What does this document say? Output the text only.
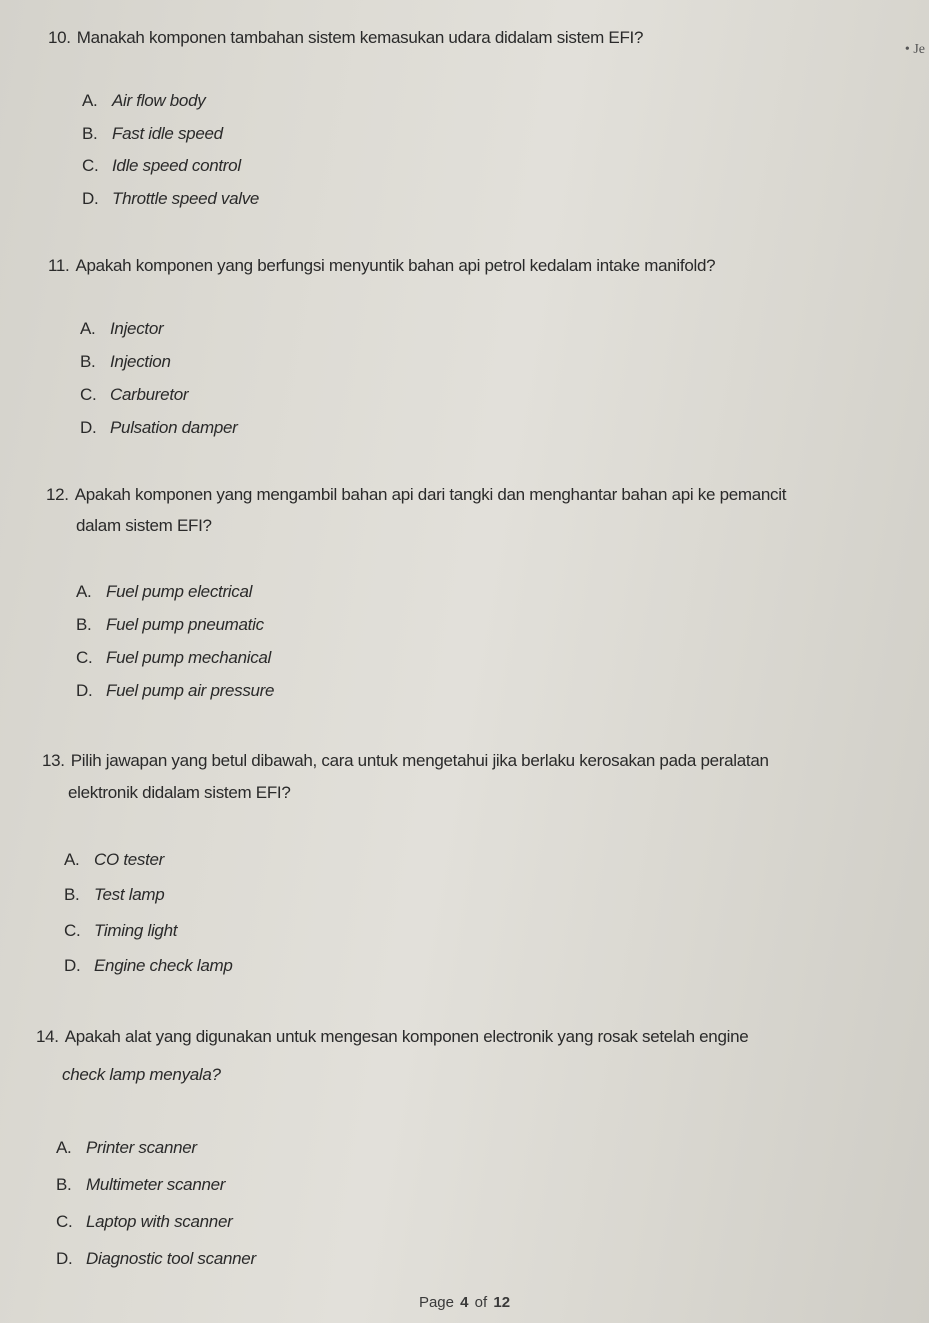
• Je
10. Manakah komponen tambahan sistem kemasukan udara didalam sistem EFI?
A. Air flow body
B. Fast idle speed
C. Idle speed control
D. Throttle speed valve
11. Apakah komponen yang berfungsi menyuntik bahan api petrol kedalam intake manifold?
A. Injector
B. Injection
C. Carburetor
D. Pulsation damper
12. Apakah komponen yang mengambil bahan api dari tangki dan menghantar bahan api ke pemancit
dalam sistem EFI?
A. Fuel pump electrical
B. Fuel pump pneumatic
C. Fuel pump mechanical
D. Fuel pump air pressure
13. Pilih jawapan yang betul dibawah, cara untuk mengetahui jika berlaku kerosakan pada peralatan
elektronik didalam sistem EFI?
A. CO tester
B. Test lamp
C. Timing light
D. Engine check lamp
14. Apakah alat yang digunakan untuk mengesan komponen electronik yang rosak setelah engine
check lamp menyala?
A. Printer scanner
B. Multimeter scanner
C. Laptop with scanner
D. Diagnostic tool scanner
Page 4 of 12
